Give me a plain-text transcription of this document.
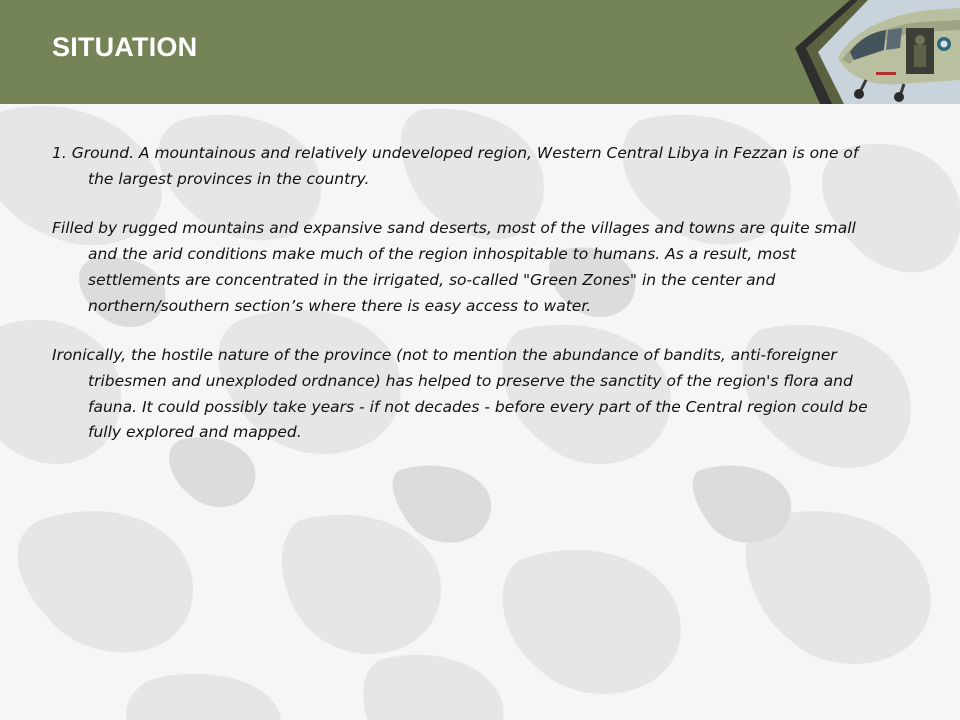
SITUATION

1. Ground. A mountainous and relatively undeveloped region, Western Central Libya in Fezzan is one of the largest provinces in the country.

Filled by rugged mountains and expansive sand deserts, most of the villages and towns are quite small and the arid conditions make much of the region inhospitable to humans. As a result, most settlements are concentrated in the irrigated, so-called "Green Zones" in the center and northern/southern section’s where there is easy access to water.

Ironically, the hostile nature of the province (not to mention the abundance of bandits, anti-foreigner tribesmen and unexploded ordnance) has helped to preserve the sanctity of the region's flora and fauna. It could possibly take years - if not decades - before every part of the Central region could be fully explored and mapped.
